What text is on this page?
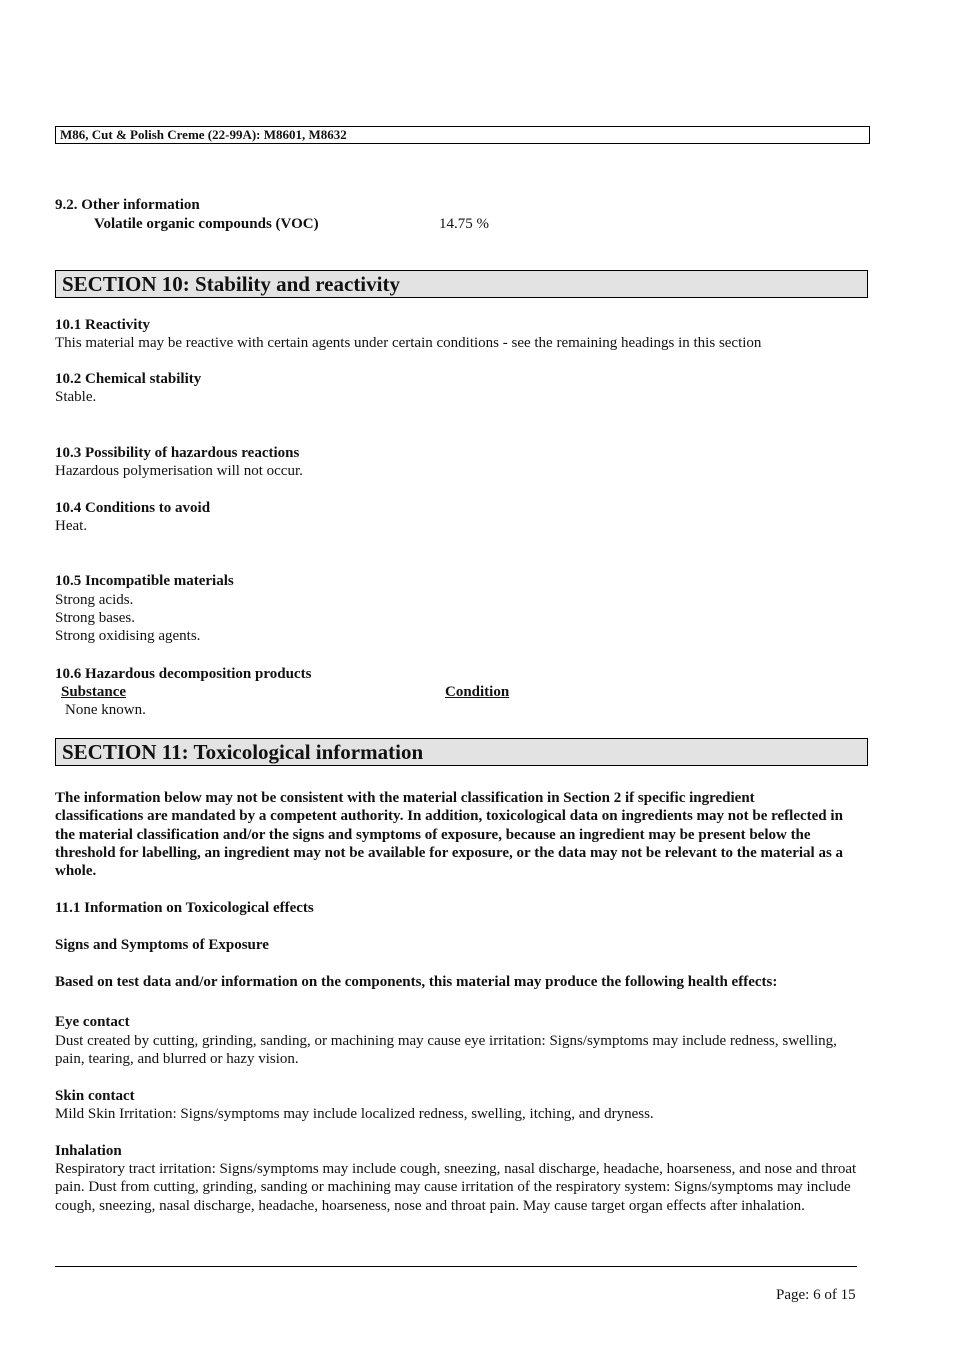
M86, Cut & Polish Creme (22-99A): M8601, M8632
9.2. Other information
Volatile organic compounds (VOC)	14.75 %
SECTION 10: Stability and reactivity
10.1 Reactivity
This material may be reactive with certain agents under certain conditions - see the remaining headings in this section
10.2 Chemical stability
Stable.
10.3 Possibility of hazardous reactions
Hazardous polymerisation will not occur.
10.4 Conditions to avoid
Heat.
10.5 Incompatible materials
Strong acids.
Strong bases.
Strong oxidising agents.
10.6 Hazardous decomposition products
Substance	Condition
None known.
SECTION 11: Toxicological information
The information below may not be consistent with the material classification in Section 2 if specific ingredient classifications are mandated by a competent authority. In addition, toxicological data on ingredients may not be reflected in the material classification and/or the signs and symptoms of exposure, because an ingredient may be present below the threshold for labelling, an ingredient may not be available for exposure, or the data may not be relevant to the material as a whole.
11.1 Information on Toxicological effects
Signs and Symptoms of Exposure
Based on test data and/or information on the components, this material may produce the following health effects:
Eye contact
Dust created by cutting, grinding, sanding, or machining may cause eye irritation: Signs/symptoms may include redness, swelling, pain, tearing, and blurred or hazy vision.
Skin contact
Mild Skin Irritation: Signs/symptoms may include localized redness, swelling, itching, and dryness.
Inhalation
Respiratory tract irritation: Signs/symptoms may include cough, sneezing, nasal discharge, headache, hoarseness, and nose and throat pain. Dust from cutting, grinding, sanding or machining may cause irritation of the respiratory system: Signs/symptoms may include cough, sneezing, nasal discharge, headache, hoarseness, nose and throat pain. May cause target organ effects after inhalation.
Page: 6 of 15
